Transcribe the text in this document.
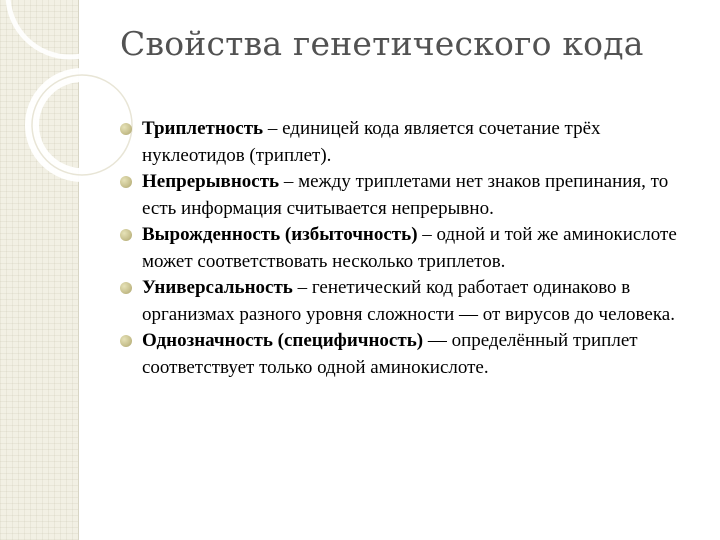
Свойства генетического кода
Триплетность – единицей кода является сочетание трёх нуклеотидов (триплет).
Непрерывность – между триплетами нет знаков препинания, то есть информация считывается непрерывно.
Вырожденность (избыточность) – одной и той же аминокислоте может соответствовать несколько триплетов.
Универсальность – генетический код работает одинаково в организмах разного уровня сложности — от вирусов до человека.
Однозначность (специфичность) — определённый триплет соответствует только одной аминокислоте.
